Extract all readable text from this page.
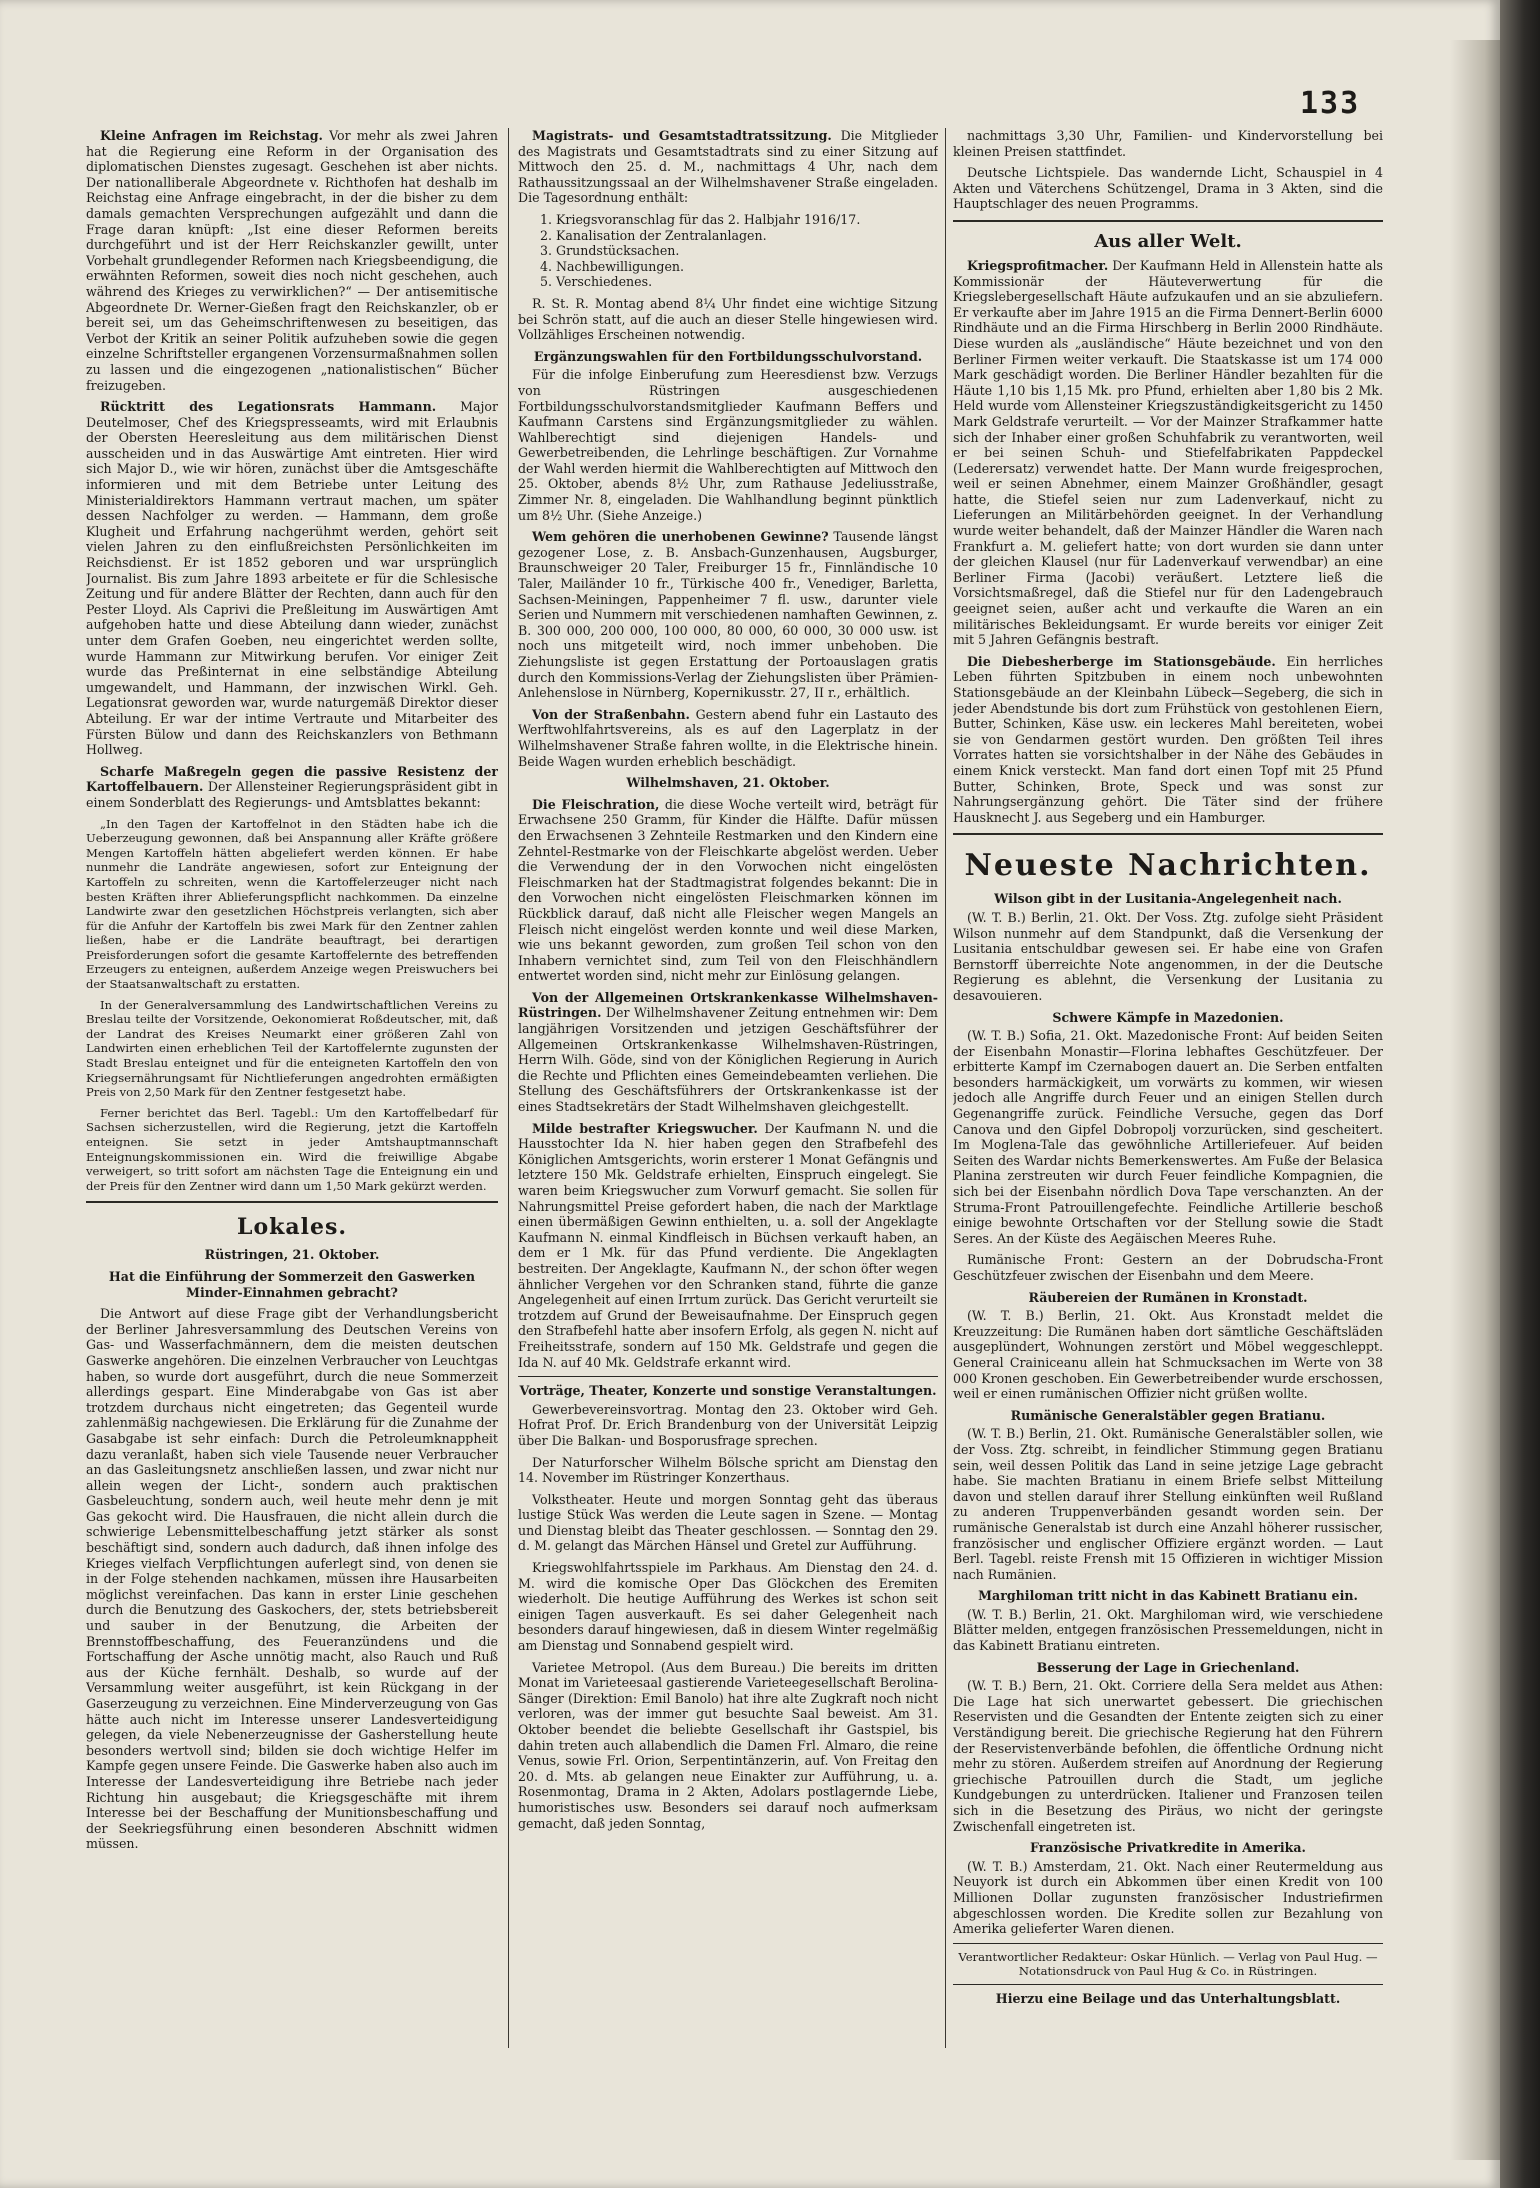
133

Kleine Anfragen im Reichstag. Vor mehr als zwei Jahren hat die Regierung eine Reform in der Organisation des diplomatischen Dienstes zugesagt. Geschehen ist aber nichts. Der nationalliberale Abgeordnete v. Richthofen hat deshalb im Reichstag eine Anfrage eingebracht, in der die bisher zu dem damals gemachten Versprechungen aufgezählt und dann die Frage daran knüpft: „Ist eine dieser Reformen bereits durchgeführt und ist der Herr Reichskanzler gewillt, unter Vorbehalt grundlegender Reformen nach Kriegsbeendigung, die erwähnten Reformen, soweit dies noch nicht geschehen, auch während des Krieges zu verwirklichen?“ — Der antisemitische Abgeordnete Dr. Werner-Gießen fragt den Reichskanzler, ob er bereit sei, um das Geheimschriftenwesen zu beseitigen, das Verbot der Kritik an seiner Politik aufzuheben sowie die gegen einzelne Schriftsteller ergangenen Vorzensurmaßnahmen sollen zu lassen und die eingezogenen „nationalistischen“ Bücher freizugeben.

Rücktritt des Legationsrats Hammann. Major Deutelmoser, Chef des Kriegspresseamts, wird mit Erlaubnis der Obersten Heeresleitung aus dem militärischen Dienst ausscheiden und in das Auswärtige Amt eintreten. Hier wird sich Major D., wie wir hören, zunächst über die Amtsgeschäfte informieren und mit dem Betriebe unter Leitung des Ministerialdirektors Hammann vertraut machen, um später dessen Nachfolger zu werden. — Hammann, dem große Klugheit und Erfahrung nachgerühmt werden, gehört seit vielen Jahren zu den einflußreichsten Persönlichkeiten im Reichsdienst. Er ist 1852 geboren und war ursprünglich Journalist. Bis zum Jahre 1893 arbeitete er für die Schlesische Zeitung und für andere Blätter der Rechten, dann auch für den Pester Lloyd. Als Caprivi die Preßleitung im Auswärtigen Amt aufgehoben hatte und diese Abteilung dann wieder, zunächst unter dem Grafen Goeben, neu eingerichtet werden sollte, wurde Hammann zur Mitwirkung berufen. Vor einiger Zeit wurde das Preßinternat in eine selbständige Abteilung umgewandelt, und Hammann, der inzwischen Wirkl. Geh. Legationsrat geworden war, wurde naturgemäß Direktor dieser Abteilung. Er war der intime Vertraute und Mitarbeiter des Fürsten Bülow und dann des Reichskanzlers von Bethmann Hollweg.

Scharfe Maßregeln gegen die passive Resistenz der Kartoffelbauern. Der Allensteiner Regierungspräsident gibt in einem Sonderblatt des Regierungs- und Amtsblattes bekannt:

„In den Tagen der Kartoffelnot in den Städten habe ich die Ueberzeugung gewonnen, daß bei Anspannung aller Kräfte größere Mengen Kartoffeln hätten abgeliefert werden können. Er habe nunmehr die Landräte angewiesen, sofort zur Enteignung der Kartoffeln zu schreiten, wenn die Kartoffelerzeuger nicht nach besten Kräften ihrer Ablieferungspflicht nachkommen. Da einzelne Landwirte zwar den gesetzlichen Höchstpreis verlangten, sich aber für die Anfuhr der Kartoffeln bis zwei Mark für den Zentner zahlen ließen, habe er die Landräte beauftragt, bei derartigen Preisforderungen sofort die gesamte Kartoffelernte des betreffenden Erzeugers zu enteignen, außerdem Anzeige wegen Preiswuchers bei der Staatsanwaltschaft zu erstatten.

In der Generalversammlung des Landwirtschaftlichen Vereins zu Breslau teilte der Vorsitzende, Oekonomierat Roßdeutscher, mit, daß der Landrat des Kreises Neumarkt einer größeren Zahl von Landwirten einen erheblichen Teil der Kartoffelernte zugunsten der Stadt Breslau enteignet und für die enteigneten Kartoffeln den von Kriegsernährungsamt für Nichtlieferungen angedrohten ermäßigten Preis von 2,50 Mark für den Zentner festgesetzt habe.

Ferner berichtet das Berl. Tagebl.: Um den Kartoffelbedarf für Sachsen sicherzustellen, wird die Regierung, jetzt die Kartoffeln enteignen. Sie setzt in jeder Amtshauptmannschaft Enteignungskommissionen ein. Wird die freiwillige Abgabe verweigert, so tritt sofort am nächsten Tage die Enteignung ein und der Preis für den Zentner wird dann um 1,50 Mark gekürzt werden.

Lokales.
Rüstringen, 21. Oktober.

Hat die Einführung der Sommerzeit den Gaswerken Minder-Einnahmen gebracht?

Die Antwort auf diese Frage gibt der Verhandlungsbericht der Berliner Jahresversammlung des Deutschen Vereins von Gas- und Wasserfachmännern, dem die meisten deutschen Gaswerke angehören. Die einzelnen Verbraucher von Leuchtgas haben, so wurde dort ausgeführt, durch die neue Sommerzeit allerdings gespart. Eine Minderabgabe von Gas ist aber trotzdem durchaus nicht eingetreten; das Gegenteil wurde zahlenmäßig nachgewiesen. Die Erklärung für die Zunahme der Gasabgabe ist sehr einfach: Durch die Petroleumknappheit dazu veranlaßt, haben sich viele Tausende neuer Verbraucher an das Gasleitungsnetz anschließen lassen, und zwar nicht nur allein wegen der Licht-, sondern auch praktischen Gasbeleuchtung, sondern auch, weil heute mehr denn je mit Gas gekocht wird. Die Hausfrauen, die nicht allein durch die schwierige Lebensmittelbeschaffung jetzt stärker als sonst beschäftigt sind, sondern auch dadurch, daß ihnen infolge des Krieges vielfach Verpflichtungen auferlegt sind, von denen sie in der Folge stehenden nachkamen, müssen ihre Hausarbeiten möglichst vereinfachen. Das kann in erster Linie geschehen durch die Benutzung des Gaskochers, der, stets betriebsbereit und sauber in der Benutzung, die Arbeiten der Brennstoffbeschaffung, des Feueranzündens und die Fortschaffung der Asche unnötig macht, also Rauch und Ruß aus der Küche fernhält. Deshalb, so wurde auf der Versammlung weiter ausgeführt, ist kein Rückgang in der Gaserzeugung zu verzeichnen. Eine Minderverzeugung von Gas hätte auch nicht im Interesse unserer Landesverteidigung gelegen, da viele Nebenerzeugnisse der Gasherstellung heute besonders wertvoll sind; bilden sie doch wichtige Helfer im Kampfe gegen unsere Feinde. Die Gaswerke haben also auch im Interesse der Landesverteidigung ihre Betriebe nach jeder Richtung hin ausgebaut; die Kriegsgeschäfte mit ihrem Interesse bei der Beschaffung der Munitionsbeschaffung und der Seekriegsführung einen besonderen Abschnitt widmen müssen.

Magistrats- und Gesamtstadtratssitzung. Die Mitglieder des Magistrats und Gesamtstadtrats sind zu einer Sitzung auf Mittwoch den 25. d. M., nachmittags 4 Uhr, nach dem Rathaussitzungssaal an der Wilhelmshavener Straße eingeladen. Die Tagesordnung enthält:

1. Kriegsvoranschlag für das 2. Halbjahr 1916/17.
2. Kanalisation der Zentralanlagen.
3. Grundstücksachen.
4. Nachbewilligungen.
5. Verschiedenes.

R. St. R. Montag abend 8¼ Uhr findet eine wichtige Sitzung bei Schrön statt, auf die auch an dieser Stelle hingewiesen wird. Vollzähliges Erscheinen notwendig.

Ergänzungswahlen für den Fortbildungsschulvorstand.

Für die infolge Einberufung zum Heeresdienst bzw. Verzugs von Rüstringen ausgeschiedenen Fortbildungsschulvorstandsmitglieder Kaufmann Beffers und Kaufmann Carstens sind Ergänzungsmitglieder zu wählen. Wahlberechtigt sind diejenigen Handels- und Gewerbetreibenden, die Lehrlinge beschäftigen. Zur Vornahme der Wahl werden hiermit die Wahlberechtigten auf Mittwoch den 25. Oktober, abends 8½ Uhr, zum Rathause Jedeliusstraße, Zimmer Nr. 8, eingeladen. Die Wahlhandlung beginnt pünktlich um 8½ Uhr. (Siehe Anzeige.)

Wem gehören die unerhobenen Gewinne? Tausende längst gezogener Lose, z. B. Ansbach-Gunzenhausen, Augsburger, Braunschweiger 20 Taler, Freiburger 15 fr., Finnländische 10 Taler, Mailänder 10 fr., Türkische 400 fr., Venediger, Barletta, Sachsen-Meiningen, Pappenheimer 7 fl. usw., darunter viele Serien und Nummern mit verschiedenen namhaften Gewinnen, z. B. 300 000, 200 000, 100 000, 80 000, 60 000, 30 000 usw. ist noch uns mitgeteilt wird, noch immer unbehoben. Die Ziehungsliste ist gegen Erstattung der Portoauslagen gratis durch den Kommissions-Verlag der Ziehungslisten über Prämien-Anlehenslose in Nürnberg, Kopernikusstr. 27, II r., erhältlich.

Von der Straßenbahn. Gestern abend fuhr ein Lastauto des Werftwohlfahrtsvereins, als es auf den Lagerplatz in der Wilhelmshavener Straße fahren wollte, in die Elektrische hinein. Beide Wagen wurden erheblich beschädigt.

Wilhelmshaven, 21. Oktober.

Die Fleischration, die diese Woche verteilt wird, beträgt für Erwachsene 250 Gramm, für Kinder die Hälfte. Dafür müssen den Erwachsenen 3 Zehnteile Restmarken und den Kindern eine Zehntel-Restmarke von der Fleischkarte abgelöst werden. Ueber die Verwendung der in den Vorwochen nicht eingelösten Fleischmarken hat der Stadtmagistrat folgendes bekannt: Die in den Vorwochen nicht eingelösten Fleischmarken können im Rückblick darauf, daß nicht alle Fleischer wegen Mangels an Fleisch nicht eingelöst werden konnte und weil diese Marken, wie uns bekannt geworden, zum großen Teil schon von den Inhabern vernichtet sind, zum Teil von den Fleischhändlern entwertet worden sind, nicht mehr zur Einlösung gelangen.

Von der Allgemeinen Ortskrankenkasse Wilhelmshaven-Rüstringen. Der Wilhelmshavener Zeitung entnehmen wir: Dem langjährigen Vorsitzenden und jetzigen Geschäftsführer der Allgemeinen Ortskrankenkasse Wilhelmshaven-Rüstringen, Herrn Wilh. Göde, sind von der Königlichen Regierung in Aurich die Rechte und Pflichten eines Gemeindebeamten verliehen. Die Stellung des Geschäftsführers der Ortskrankenkasse ist der eines Stadtsekretärs der Stadt Wilhelmshaven gleichgestellt.

Milde bestrafter Kriegswucher. Der Kaufmann N. und die Hausstochter Ida N. hier haben gegen den Strafbefehl des Königlichen Amtsgerichts, worin ersterer 1 Monat Gefängnis und letztere 150 Mk. Geldstrafe erhielten, Einspruch eingelegt. Sie waren beim Kriegswucher zum Vorwurf gemacht. Sie sollen für Nahrungsmittel Preise gefordert haben, die nach der Marktlage einen übermäßigen Gewinn enthielten, u. a. soll der Angeklagte Kaufmann N. einmal Kindfleisch in Büchsen verkauft haben, an dem er 1 Mk. für das Pfund verdiente. Die Angeklagten bestreiten. Der Angeklagte, Kaufmann N., der schon öfter wegen ähnlicher Vergehen vor den Schranken stand, führte die ganze Angelegenheit auf einen Irrtum zurück. Das Gericht verurteilt sie trotzdem auf Grund der Beweisaufnahme. Der Einspruch gegen den Strafbefehl hatte aber insofern Erfolg, als gegen N. nicht auf Freiheitsstrafe, sondern auf 150 Mk. Geldstrafe und gegen die Ida N. auf 40 Mk. Geldstrafe erkannt wird.

Vorträge, Theater, Konzerte und sonstige Veranstaltungen.

Gewerbevereinsvortrag. Montag den 23. Oktober wird Geh. Hofrat Prof. Dr. Erich Brandenburg von der Universität Leipzig über Die Balkan- und Bosporusfrage sprechen.

Der Naturforscher Wilhelm Bölsche spricht am Dienstag den 14. November im Rüstringer Konzerthaus.

Volkstheater. Heute und morgen Sonntag geht das überaus lustige Stück Was werden die Leute sagen in Szene. — Montag und Dienstag bleibt das Theater geschlossen. — Sonntag den 29. d. M. gelangt das Märchen Hänsel und Gretel zur Aufführung.

Kriegswohlfahrtsspiele im Parkhaus. Am Dienstag den 24. d. M. wird die komische Oper Das Glöckchen des Eremiten wiederholt. Die heutige Aufführung des Werkes ist schon seit einigen Tagen ausverkauft. Es sei daher Gelegenheit nach besonders darauf hingewiesen, daß in diesem Winter regelmäßig am Dienstag und Sonnabend gespielt wird.

Varietee Metropol. (Aus dem Bureau.) Die bereits im dritten Monat im Varieteesaal gastierende Varieteegesellschaft Berolina-Sänger (Direktion: Emil Banolo) hat ihre alte Zugkraft noch nicht verloren, was der immer gut besuchte Saal beweist. Am 31. Oktober beendet die beliebte Gesellschaft ihr Gastspiel, bis dahin treten auch allabendlich die Damen Frl. Almaro, die reine Venus, sowie Frl. Orion, Serpentintänzerin, auf. Von Freitag den 20. d. Mts. ab gelangen neue Einakter zur Aufführung, u. a. Rosenmontag, Drama in 2 Akten, Adolars postlagernde Liebe, humoristisches usw. Besonders sei darauf noch aufmerksam gemacht, daß jeden Sonntag,

nachmittags 3,30 Uhr, Familien- und Kindervorstellung bei kleinen Preisen stattfindet.

Deutsche Lichtspiele. Das wandernde Licht, Schauspiel in 4 Akten und Väterchens Schützengel, Drama in 3 Akten, sind die Hauptschlager des neuen Programms.

Aus aller Welt.

Kriegsprofitmacher. Der Kaufmann Held in Allenstein hatte als Kommissionär der Häuteverwertung für die Kriegslebergesellschaft Häute aufzukaufen und an sie abzuliefern. Er verkaufte aber im Jahre 1915 an die Firma Dennert-Berlin 6000 Rindhäute und an die Firma Hirschberg in Berlin 2000 Rindhäute. Diese wurden als „ausländische“ Häute bezeichnet und von den Berliner Firmen weiter verkauft. Die Staatskasse ist um 174 000 Mark geschädigt worden. Die Berliner Händler bezahlten für die Häute 1,10 bis 1,15 Mk. pro Pfund, erhielten aber 1,80 bis 2 Mk. Held wurde vom Allensteiner Kriegszuständigkeitsgericht zu 1450 Mark Geldstrafe verurteilt. — Vor der Mainzer Strafkammer hatte sich der Inhaber einer großen Schuhfabrik zu verantworten, weil er bei seinen Schuh- und Stiefelfabrikaten Pappdeckel (Lederersatz) verwendet hatte. Der Mann wurde freigesprochen, weil er seinen Abnehmer, einem Mainzer Großhändler, gesagt hatte, die Stiefel seien nur zum Ladenverkauf, nicht zu Lieferungen an Militärbehörden geeignet. In der Verhandlung wurde weiter behandelt, daß der Mainzer Händler die Waren nach Frankfurt a. M. geliefert hatte; von dort wurden sie dann unter der gleichen Klausel (nur für Ladenverkauf verwendbar) an eine Berliner Firma (Jacobi) veräußert. Letztere ließ die Vorsichtsmaßregel, daß die Stiefel nur für den Ladengebrauch geeignet seien, außer acht und verkaufte die Waren an ein militärisches Bekleidungsamt. Er wurde bereits vor einiger Zeit mit 5 Jahren Gefängnis bestraft.

Die Diebesherberge im Stationsgebäude. Ein herrliches Leben führten Spitzbuben in einem noch unbewohnten Stationsgebäude an der Kleinbahn Lübeck—Segeberg, die sich in jeder Abendstunde bis dort zum Frühstück von gestohlenen Eiern, Butter, Schinken, Käse usw. ein leckeres Mahl bereiteten, wobei sie von Gendarmen gestört wurden. Den größten Teil ihres Vorrates hatten sie vorsichtshalber in der Nähe des Gebäudes in einem Knick versteckt. Man fand dort einen Topf mit 25 Pfund Butter, Schinken, Brote, Speck und was sonst zur Nahrungsergänzung gehört. Die Täter sind der frühere Hausknecht J. aus Segeberg und ein Hamburger.

Neueste Nachrichten.

Wilson gibt in der Lusitania-Angelegenheit nach.

(W. T. B.) Berlin, 21. Okt. Der Voss. Ztg. zufolge sieht Präsident Wilson nunmehr auf dem Standpunkt, daß die Versenkung der Lusitania entschuldbar gewesen sei. Er habe eine von Grafen Bernstorff überreichte Note angenommen, in der die Deutsche Regierung es ablehnt, die Versenkung der Lusitania zu desavouieren.

Schwere Kämpfe in Mazedonien.

(W. T. B.) Sofia, 21. Okt. Mazedonische Front: Auf beiden Seiten der Eisenbahn Monastir—Florina lebhaftes Geschützfeuer. Der erbitterte Kampf im Czernabogen dauert an. Die Serben entfalten besonders harmäckigkeit, um vorwärts zu kommen, wir wiesen jedoch alle Angriffe durch Feuer und an einigen Stellen durch Gegenangriffe zurück. Feindliche Versuche, gegen das Dorf Canova und den Gipfel Dobropolj vorzurücken, sind gescheitert. Im Moglena-Tale das gewöhnliche Artilleriefeuer. Auf beiden Seiten des Wardar nichts Bemerkenswertes. Am Fuße der Belasica Planina zerstreuten wir durch Feuer feindliche Kompagnien, die sich bei der Eisenbahn nördlich Dova Tape verschanzten. An der Struma-Front Patrouillengefechte. Feindliche Artillerie beschoß einige bewohnte Ortschaften vor der Stellung sowie die Stadt Seres. An der Küste des Aegäischen Meeres Ruhe.

Rumänische Front: Gestern an der Dobrudscha-Front Geschützfeuer zwischen der Eisenbahn und dem Meere.

Räubereien der Rumänen in Kronstadt.

(W. T. B.) Berlin, 21. Okt. Aus Kronstadt meldet die Kreuzzeitung: Die Rumänen haben dort sämtliche Geschäftsläden ausgeplündert, Wohnungen zerstört und Möbel weggeschleppt. General Crainiceanu allein hat Schmucksachen im Werte von 38 000 Kronen geschoben. Ein Gewerbetreibender wurde erschossen, weil er einen rumänischen Offizier nicht grüßen wollte.

Rumänische Generalstäbler gegen Bratianu.

(W. T. B.) Berlin, 21. Okt. Rumänische Generalstäbler sollen, wie der Voss. Ztg. schreibt, in feindlicher Stimmung gegen Bratianu sein, weil dessen Politik das Land in seine jetzige Lage gebracht habe. Sie machten Bratianu in einem Briefe selbst Mitteilung davon und stellen darauf ihrer Stellung einkünften weil Rußland zu anderen Truppenverbänden gesandt worden sein. Der rumänische Generalstab ist durch eine Anzahl höherer russischer, französischer und englischer Offiziere ergänzt worden. — Laut Berl. Tagebl. reiste Frensh mit 15 Offizieren in wichtiger Mission nach Rumänien.

Marghiloman tritt nicht in das Kabinett Bratianu ein.

(W. T. B.) Berlin, 21. Okt. Marghiloman wird, wie verschiedene Blätter melden, entgegen französischen Pressemeldungen, nicht in das Kabinett Bratianu eintreten.

Besserung der Lage in Griechenland.

(W. T. B.) Bern, 21. Okt. Corriere della Sera meldet aus Athen: Die Lage hat sich unerwartet gebessert. Die griechischen Reservisten und die Gesandten der Entente zeigten sich zu einer Verständigung bereit. Die griechische Regierung hat den Führern der Reservistenverbände befohlen, die öffentliche Ordnung nicht mehr zu stören. Außerdem streifen auf Anordnung der Regierung griechische Patrouillen durch die Stadt, um jegliche Kundgebungen zu unterdrücken. Italiener und Franzosen teilen sich in die Besetzung des Piräus, wo nicht der geringste Zwischenfall eingetreten ist.

Französische Privatkredite in Amerika.

(W. T. B.) Amsterdam, 21. Okt. Nach einer Reutermeldung aus Neuyork ist durch ein Abkommen über einen Kredit von 100 Millionen Dollar zugunsten französischer Industriefirmen abgeschlossen worden. Die Kredite sollen zur Bezahlung von Amerika gelieferter Waren dienen.

Verantwortlicher Redakteur: Oskar Hünlich. — Verlag von Paul Hug. — Notationsdruck von Paul Hug & Co. in Rüstringen.

Hierzu eine Beilage und das Unterhaltungsblatt.
